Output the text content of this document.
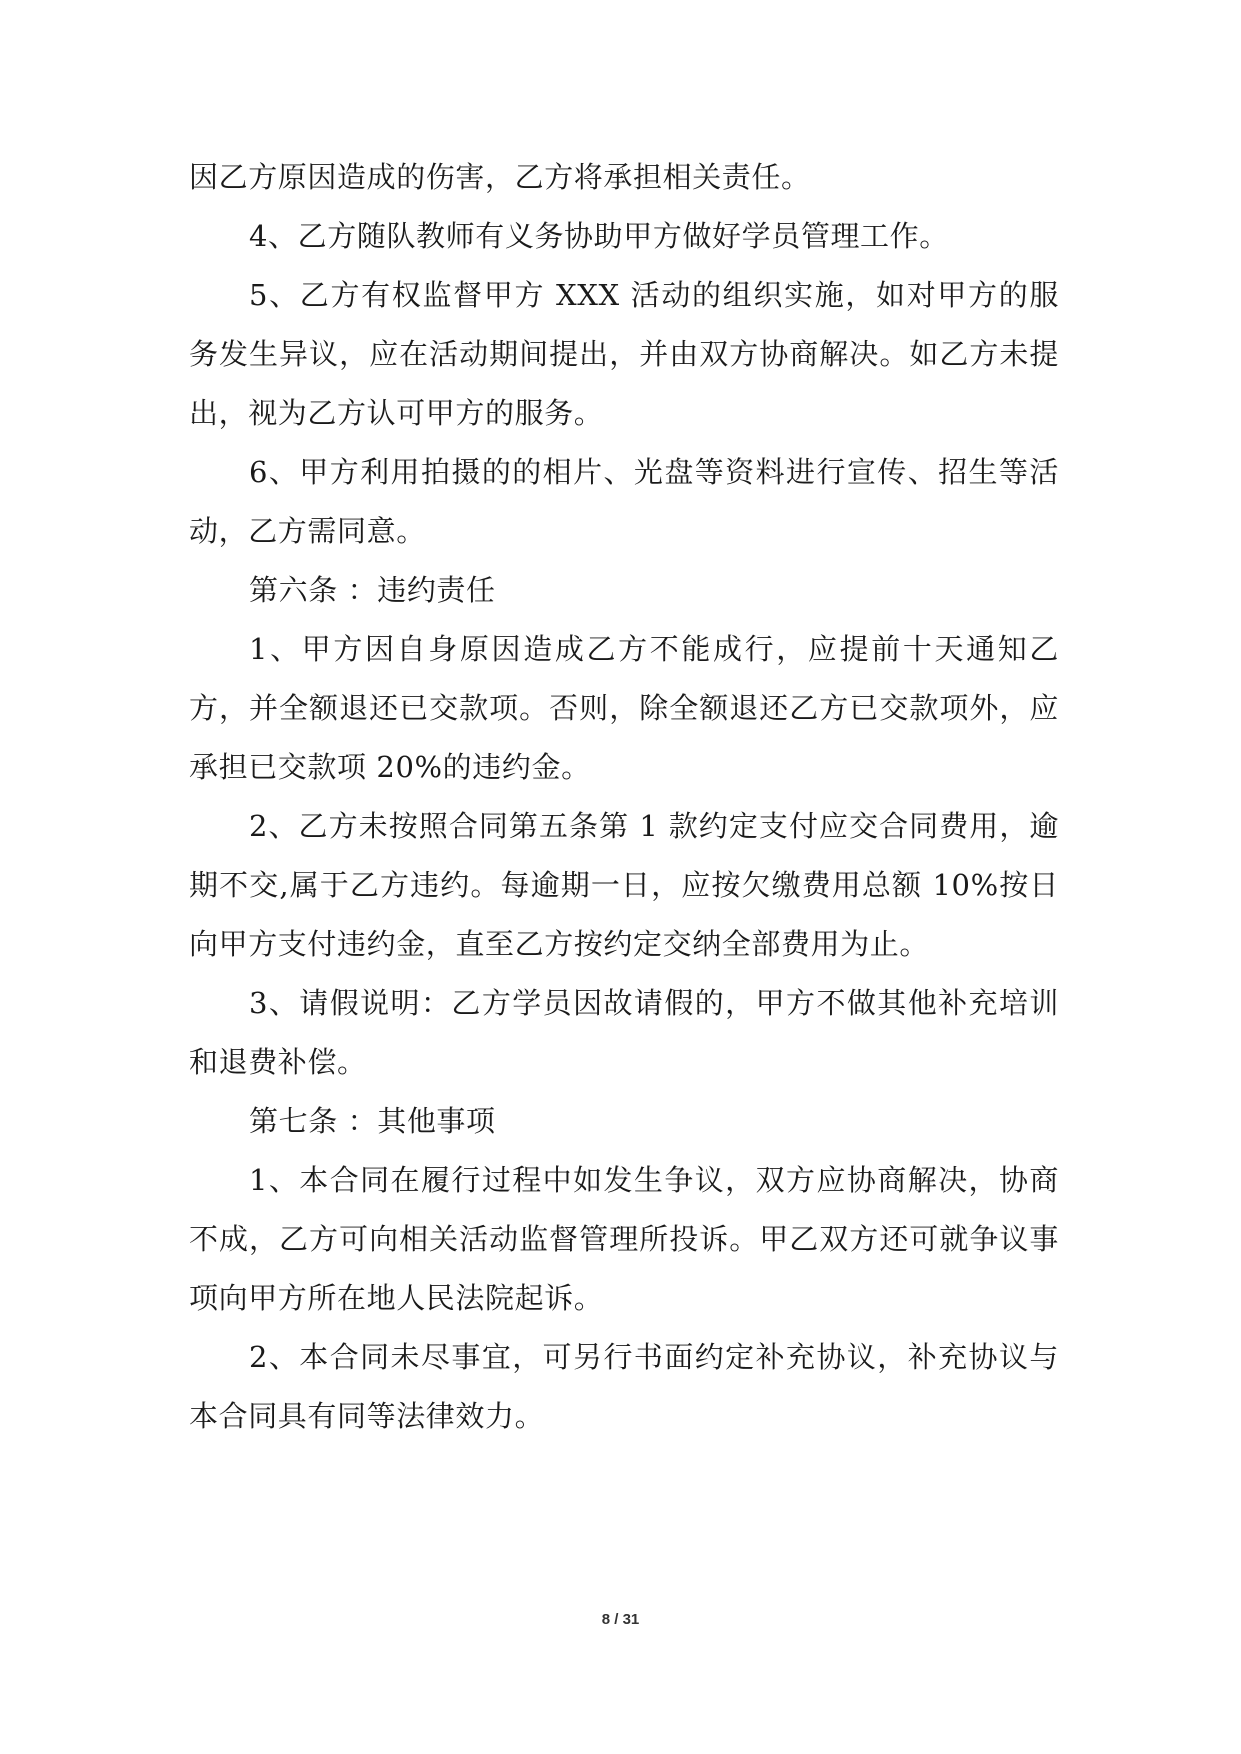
因乙方原因造成的伤害，乙方将承担相关责任。

4、乙方随队教师有义务协助甲方做好学员管理工作。

5、乙方有权监督甲方 XXX 活动的组织实施，如对甲方的服务发生异议，应在活动期间提出，并由双方协商解决。如乙方未提出，视为乙方认可甲方的服务。

6、甲方利用拍摄的的相片、光盘等资料进行宣传、招生等活动，乙方需同意。

第六条 ：违约责任

1、甲方因自身原因造成乙方不能成行，应提前十天通知乙方，并全额退还已交款项。否则，除全额退还乙方已交款项外，应承担已交款项 20%的违约金。

2、乙方未按照合同第五条第 1 款约定支付应交合同费用，逾期不交,属于乙方违约。每逾期一日，应按欠缴费用总额 10%按日向甲方支付违约金，直至乙方按约定交纳全部费用为止。

3、请假说明：乙方学员因故请假的，甲方不做其他补充培训和退费补偿。

第七条 ：其他事项

1、本合同在履行过程中如发生争议，双方应协商解决，协商不成，乙方可向相关活动监督管理所投诉。甲乙双方还可就争议事项向甲方所在地人民法院起诉。

2、本合同未尽事宜，可另行书面约定补充协议，补充协议与本合同具有同等法律效力。

8 / 31
